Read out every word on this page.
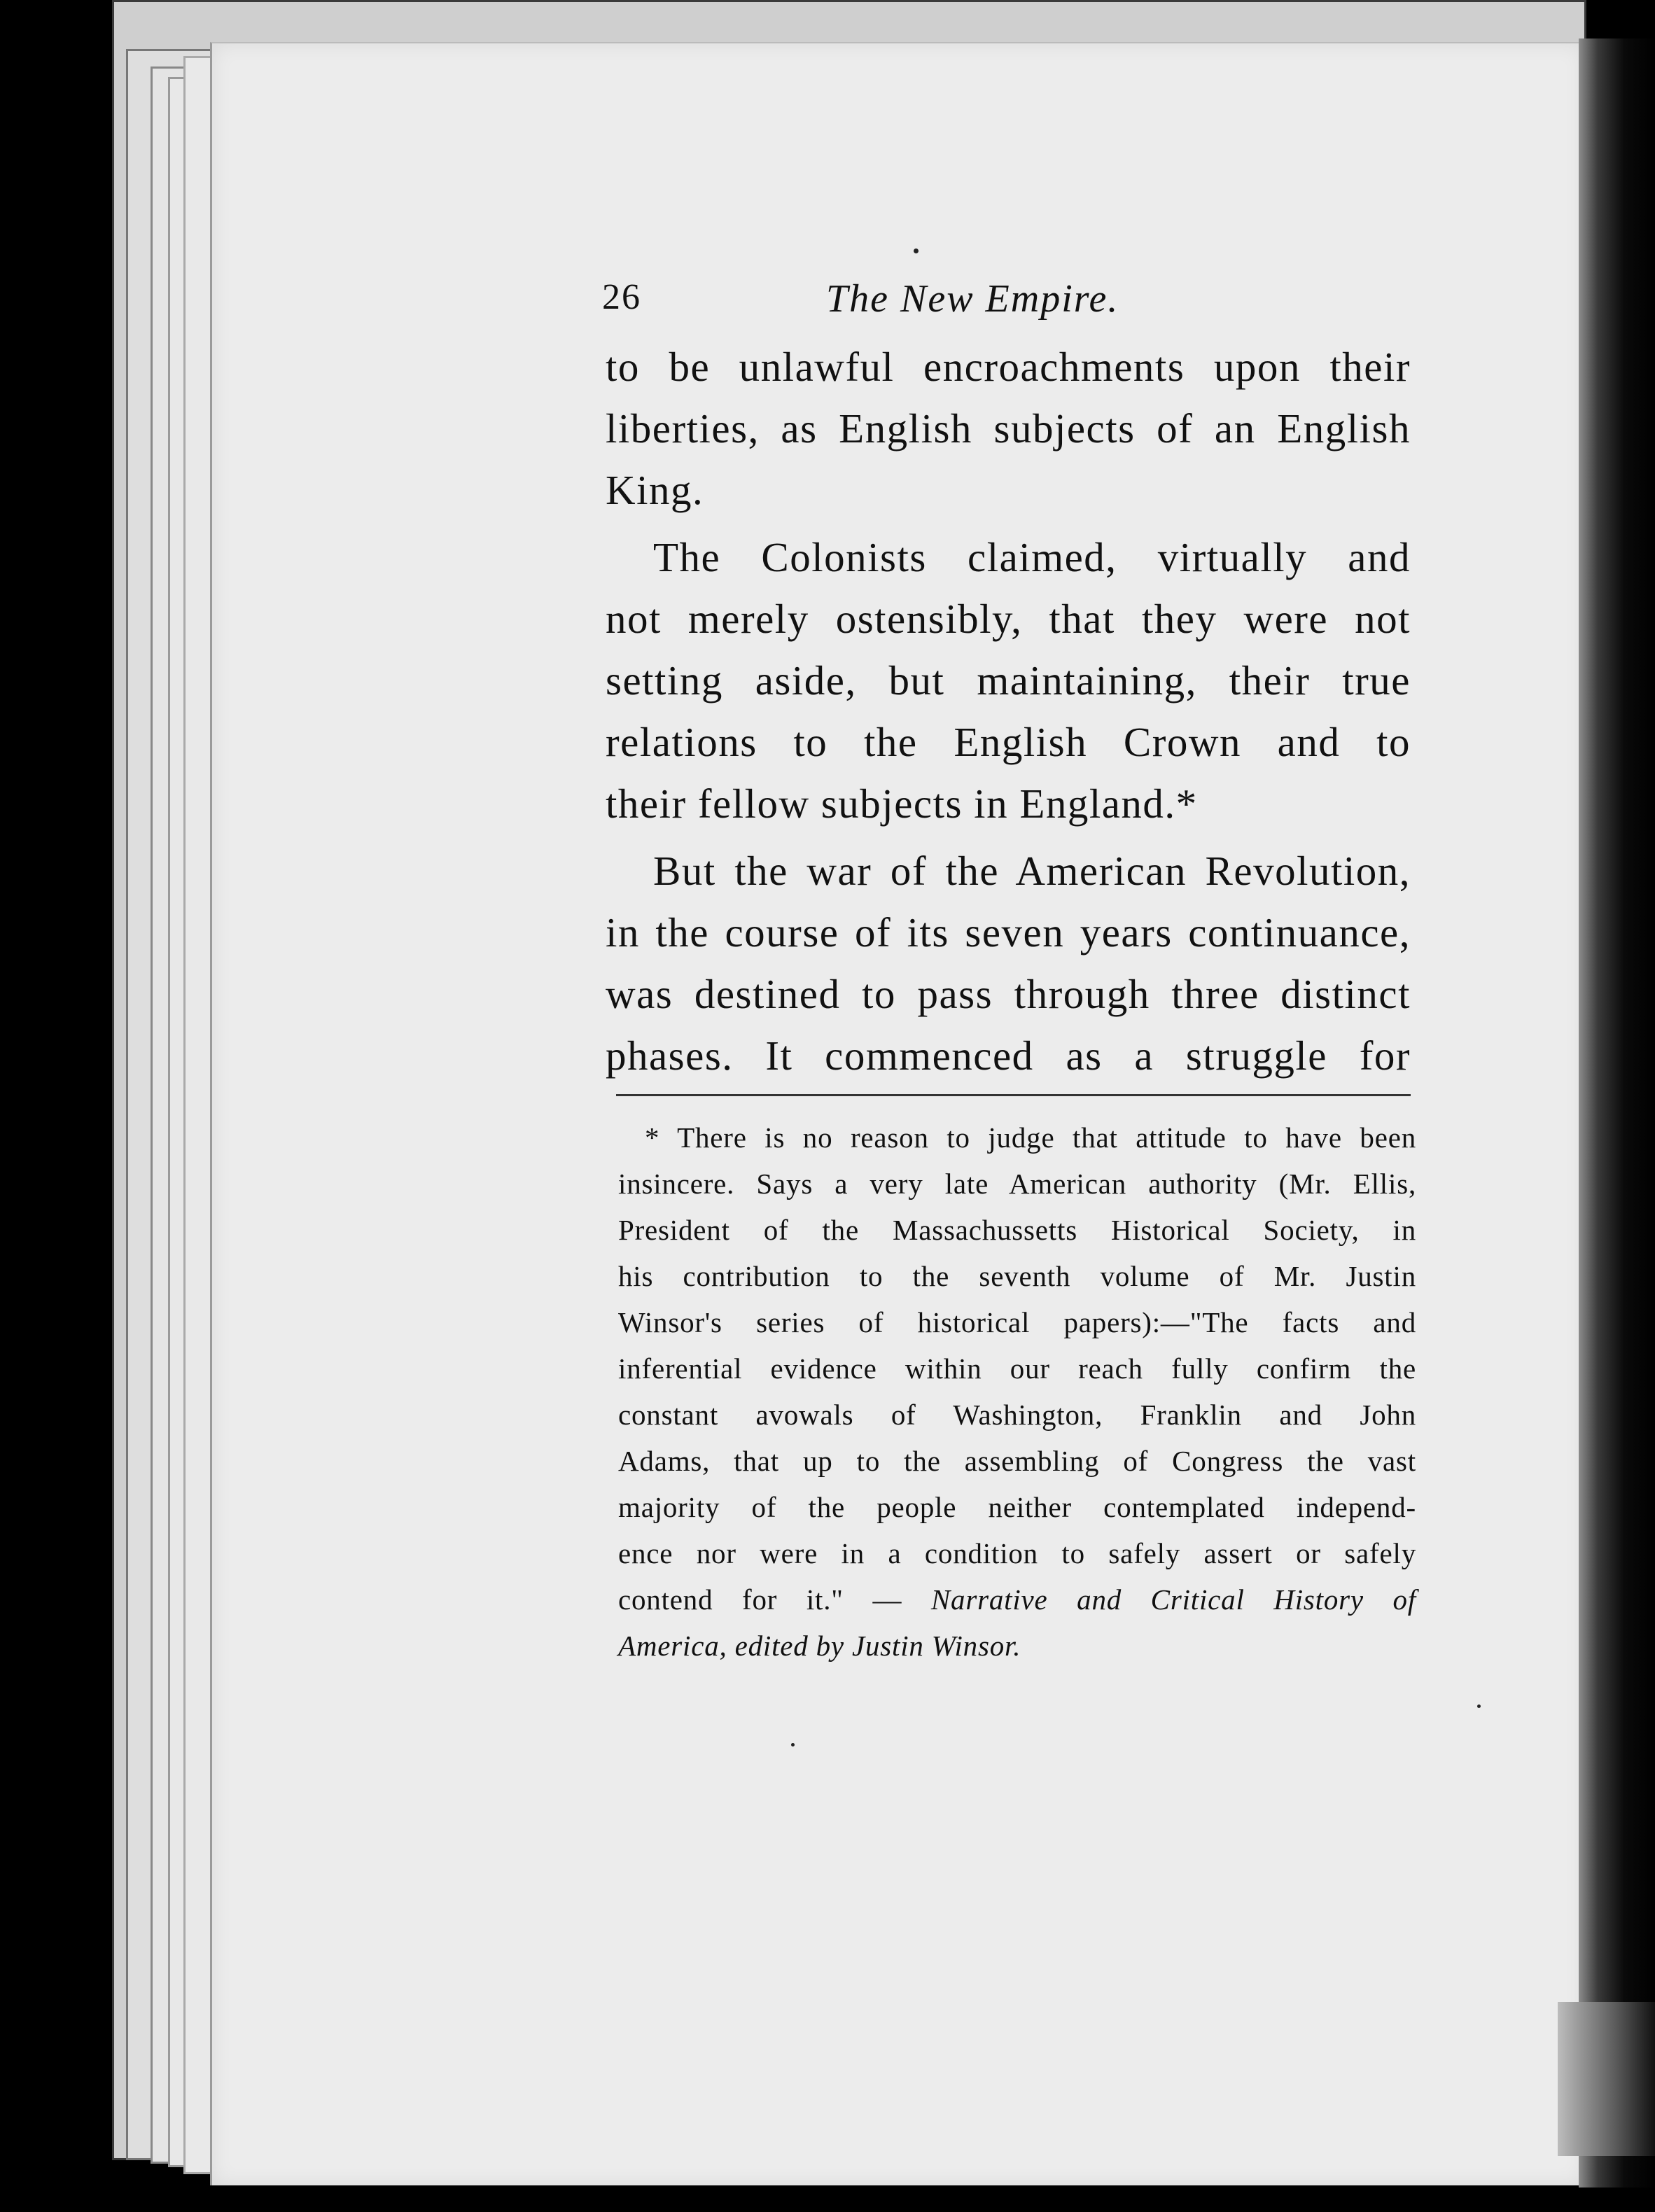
26	The New Empire.
to be unlawful encroachments upon their
liberties, as English subjects of an English
King.
The Colonists claimed, virtually and
not merely ostensibly, that they were not
setting aside, but maintaining, their true
relations to the English Crown and to
their fellow subjects in England.*
But the war of the American Revolution,
in the course of its seven years continuance,
was destined to pass through three distinct
phases. It commenced as a struggle for
* There is no reason to judge that attitude to have been
insincere. Says a very late American authority (Mr. Ellis,
President of the Massachussetts Historical Society, in
his contribution to the seventh volume of Mr. Justin
Winsor's series of historical papers):—"The facts and
inferential evidence within our reach fully confirm the
constant avowals of Washington, Franklin and John
Adams, that up to the assembling of Congress the vast
majority of the people neither contemplated independ-
ence nor were in a condition to safely assert or safely
contend for it." — Narrative and Critical History of
America, edited by Justin Winsor.
